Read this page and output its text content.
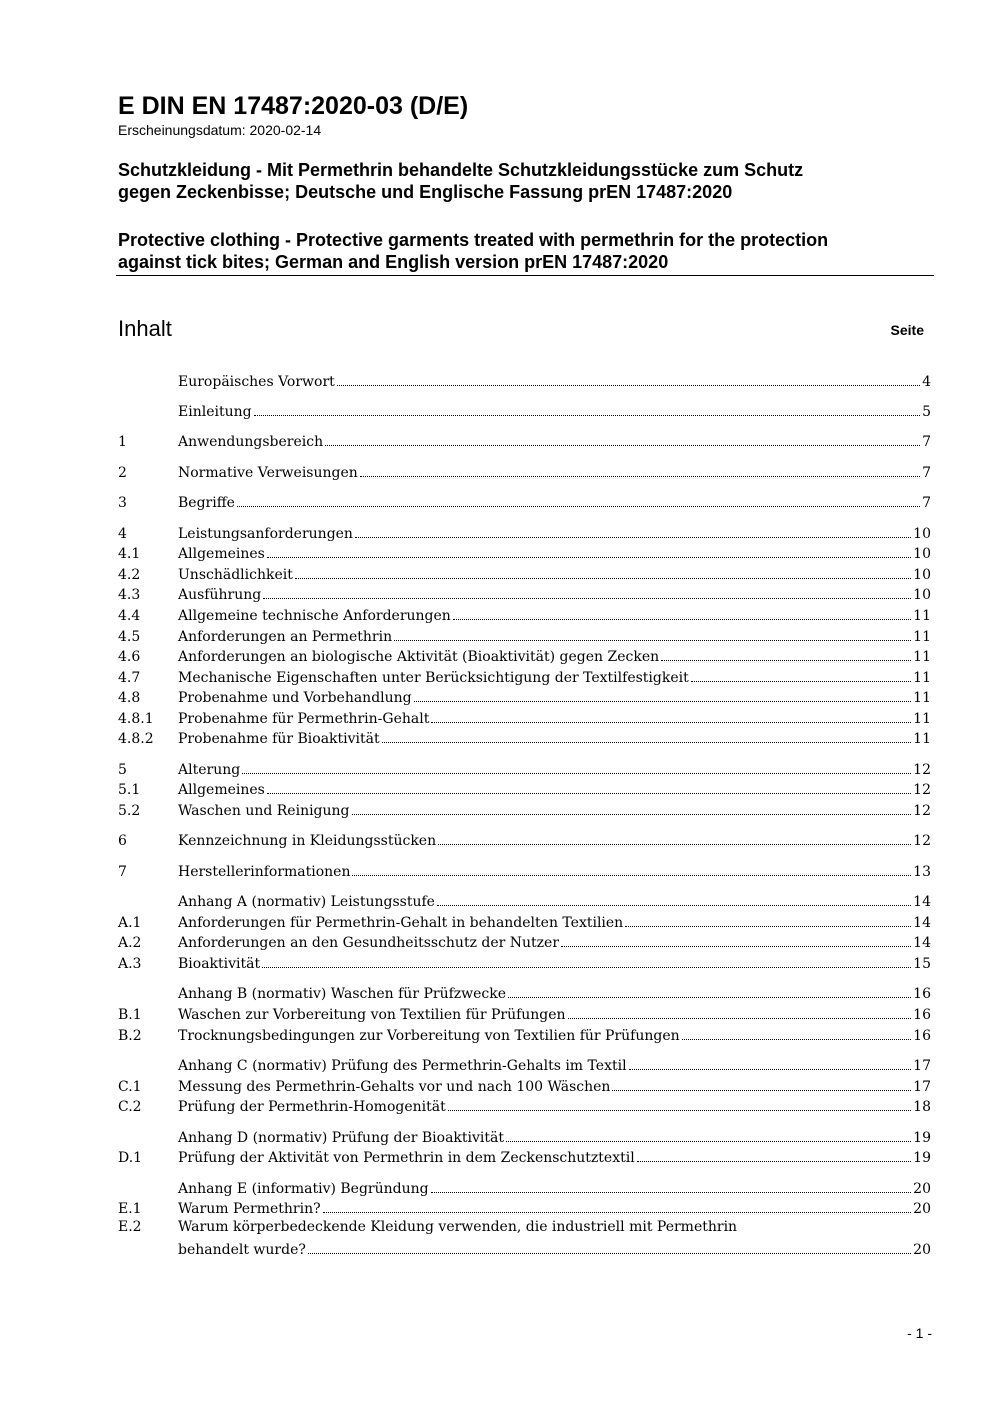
E DIN EN 17487:2020-03 (D/E)
Erscheinungsdatum: 2020-02-14

Schutzkleidung - Mit Permethrin behandelte Schutzkleidungsstücke zum Schutz
gegen Zeckenbisse; Deutsche und Englische Fassung prEN 17487:2020

Protective clothing - Protective garments treated with permethrin for the protection
against tick bites; German and English version prEN 17487:2020

Inhalt	Seite
Europäisches Vorwort	4
Einleitung	5
1	Anwendungsbereich	7
2	Normative Verweisungen	7
3	Begriffe	7
4	Leistungsanforderungen	10
4.1	Allgemeines	10
4.2	Unschädlichkeit	10
4.3	Ausführung	10
4.4	Allgemeine technische Anforderungen	11
4.5	Anforderungen an Permethrin	11
4.6	Anforderungen an biologische Aktivität (Bioaktivität) gegen Zecken	11
4.7	Mechanische Eigenschaften unter Berücksichtigung der Textilfestigkeit	11
4.8	Probenahme und Vorbehandlung	11
4.8.1	Probenahme für Permethrin-Gehalt	11
4.8.2	Probenahme für Bioaktivität	11
5	Alterung	12
5.1	Allgemeines	12
5.2	Waschen und Reinigung	12
6	Kennzeichnung in Kleidungsstücken	12
7	Herstellerinformationen	13
Anhang A (normativ) Leistungsstufe	14
A.1	Anforderungen für Permethrin-Gehalt in behandelten Textilien	14
A.2	Anforderungen an den Gesundheitsschutz der Nutzer	14
A.3	Bioaktivität	15
Anhang B (normativ) Waschen für Prüfzwecke	16
B.1	Waschen zur Vorbereitung von Textilien für Prüfungen	16
B.2	Trocknungsbedingungen zur Vorbereitung von Textilien für Prüfungen	16
Anhang C (normativ) Prüfung des Permethrin-Gehalts im Textil	17
C.1	Messung des Permethrin-Gehalts vor und nach 100 Wäschen	17
C.2	Prüfung der Permethrin-Homogenität	18
Anhang D (normativ) Prüfung der Bioaktivität	19
D.1	Prüfung der Aktivität von Permethrin in dem Zeckenschutztextil	19
Anhang E (informativ) Begründung	20
E.1	Warum Permethrin?	20
E.2	Warum körperbedeckende Kleidung verwenden, die industriell mit Permethrin
behandelt wurde?	20
- 1 -
